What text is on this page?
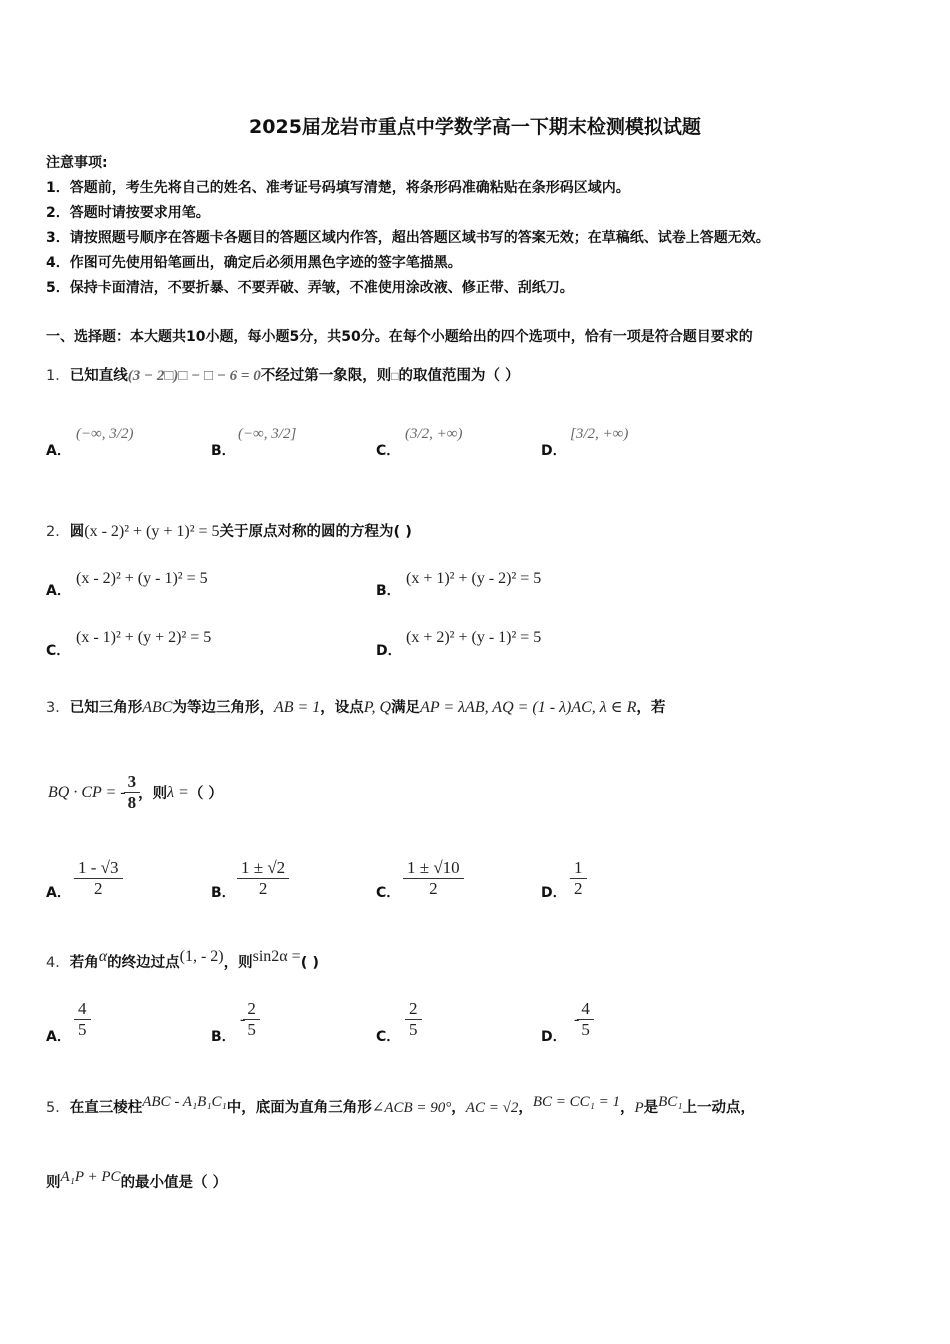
2025届龙岩市重点中学数学高一下期末检测模拟试题
注意事项:
1．答题前，考生先将自己的姓名、准考证号码填写清楚，将条形码准确粘贴在条形码区域内。
2．答题时请按要求用笔。
3．请按照题号顺序在答题卡各题目的答题区域内作答，超出答题区域书写的答案无效；在草稿纸、试卷上答题无效。
4．作图可先使用铅笔画出，确定后必须用黑色字迹的签字笔描黑。
5．保持卡面清洁，不要折暴、不要弄破、弄皱，不准使用涂改液、修正带、刮纸刀。
一、选择题：本大题共10小题，每小题5分，共50分。在每个小题给出的四个选项中，恰有一项是符合题目要求的
1．已知直线(3 − 2□)□ − □ − 6 = 0不经过第一象限，则□的取值范围为（ ）
A．
(−∞, 3/2)
B．
(−∞, 3/2]
C．
(3/2, +∞)
D．
[3/2, +∞)
2．圆(x - 2)² + (y + 1)² = 5关于原点对称的圆的方程为( )
A．
(x - 2)² + (y - 1)² = 5
B．
(x + 1)² + (y - 2)² = 5
C．
(x - 1)² + (y + 2)² = 5
D．
(x + 2)² + (y - 1)² = 5
3．已知三角形ABC为等边三角形，AB = 1，设点P, Q满足AP = λAB, AQ = (1 - λ)AC, λ ∈ R，若
BQ · CP = - $\frac{3}{8}$ ，则 λ = （ ）
A． $\frac{1 - √3}{2}$	B． $\frac{1 \pm √2}{2}$	C． $\frac{1 \pm √10}{2}$	D． $\frac{1}{2}$
4．若角α的终边过点(1, - 2)，则sin2α =( )
A． $\frac{4}{5}$	B．
- $\frac{2}{5}$	C． $\frac{2}{5}$	D．
- $\frac{4}{5}$
5．在直三棱柱ABC - A₁B₁C₁中，底面为直角三角形∠ACB = 90°，AC = √2，BC = CC₁ = 1，P是BC₁上一动点，
则A₁P + PC的最小值是（ ）
